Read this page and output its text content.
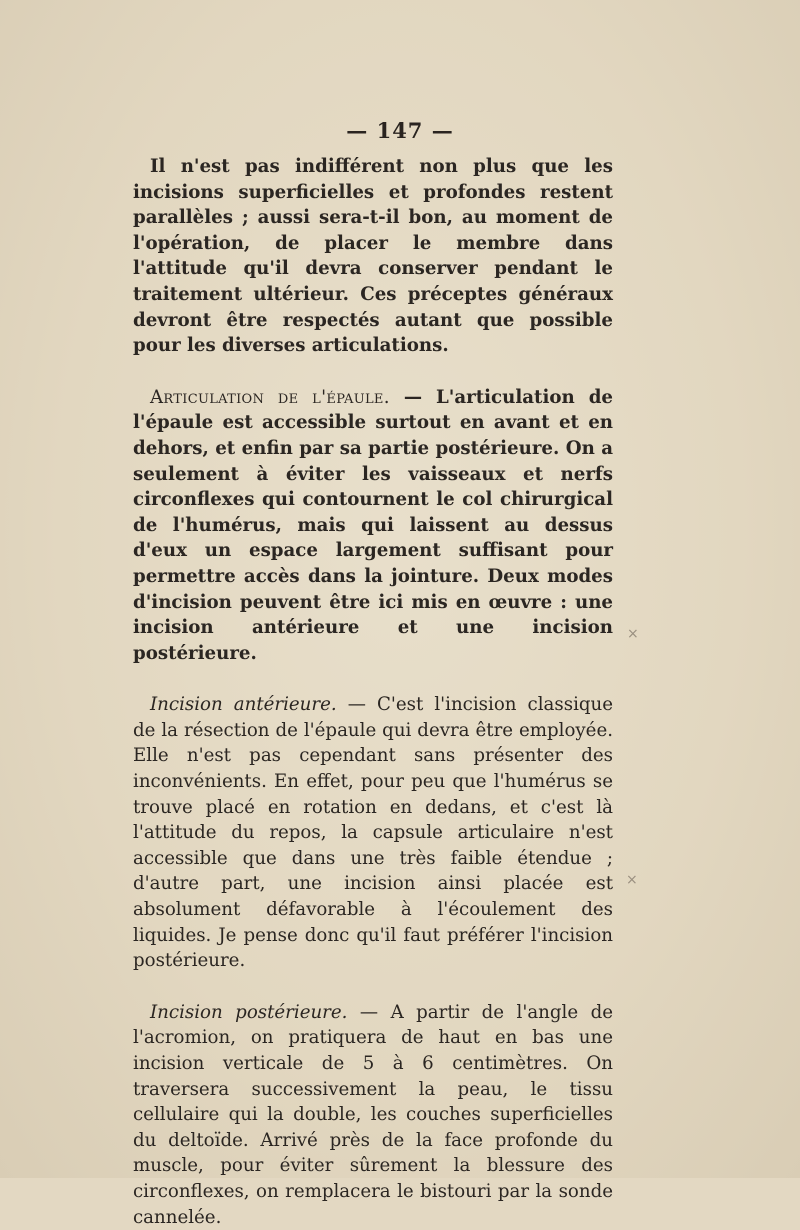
— 147 —

Il n'est pas indifférent non plus que les incisions superficielles et profondes restent parallèles ; aussi sera-t-il bon, au moment de l'opération, de placer le membre dans l'attitude qu'il devra conserver pendant le traitement ultérieur. Ces préceptes généraux devront être respectés autant que possible pour les diverses articulations.

Articulation de l'épaule. — L'articulation de l'épaule est accessible surtout en avant et en dehors, et enfin par sa partie postérieure. On a seulement à éviter les vaisseaux et nerfs circonflexes qui contournent le col chirurgical de l'humérus, mais qui laissent au dessus d'eux un espace largement suffisant pour permettre accès dans la jointure. Deux modes d'incision peuvent être ici mis en œuvre : une incision antérieure et une incision postérieure.

Incision antérieure. — C'est l'incision classique de la résection de l'épaule qui devra être employée. Elle n'est pas cependant sans présenter des inconvénients. En effet, pour peu que l'humérus se trouve placé en rotation en dedans, et c'est là l'attitude du repos, la capsule articulaire n'est accessible que dans une très faible étendue ; d'autre part, une incision ainsi placée est absolument défavorable à l'écoulement des liquides. Je pense donc qu'il faut préférer l'incision postérieure.

Incision postérieure. — A partir de l'angle de l'acromion, on pratiquera de haut en bas une incision verticale de 5 à 6 centimètres. On traversera successivement la peau, le tissu cellulaire qui la double, les couches superficielles du deltoïde. Arrivé près de la face profonde du muscle, pour éviter sûrement la blessure des circonflexes, on remplacera le bistouri par la sonde cannelée.

×
×
